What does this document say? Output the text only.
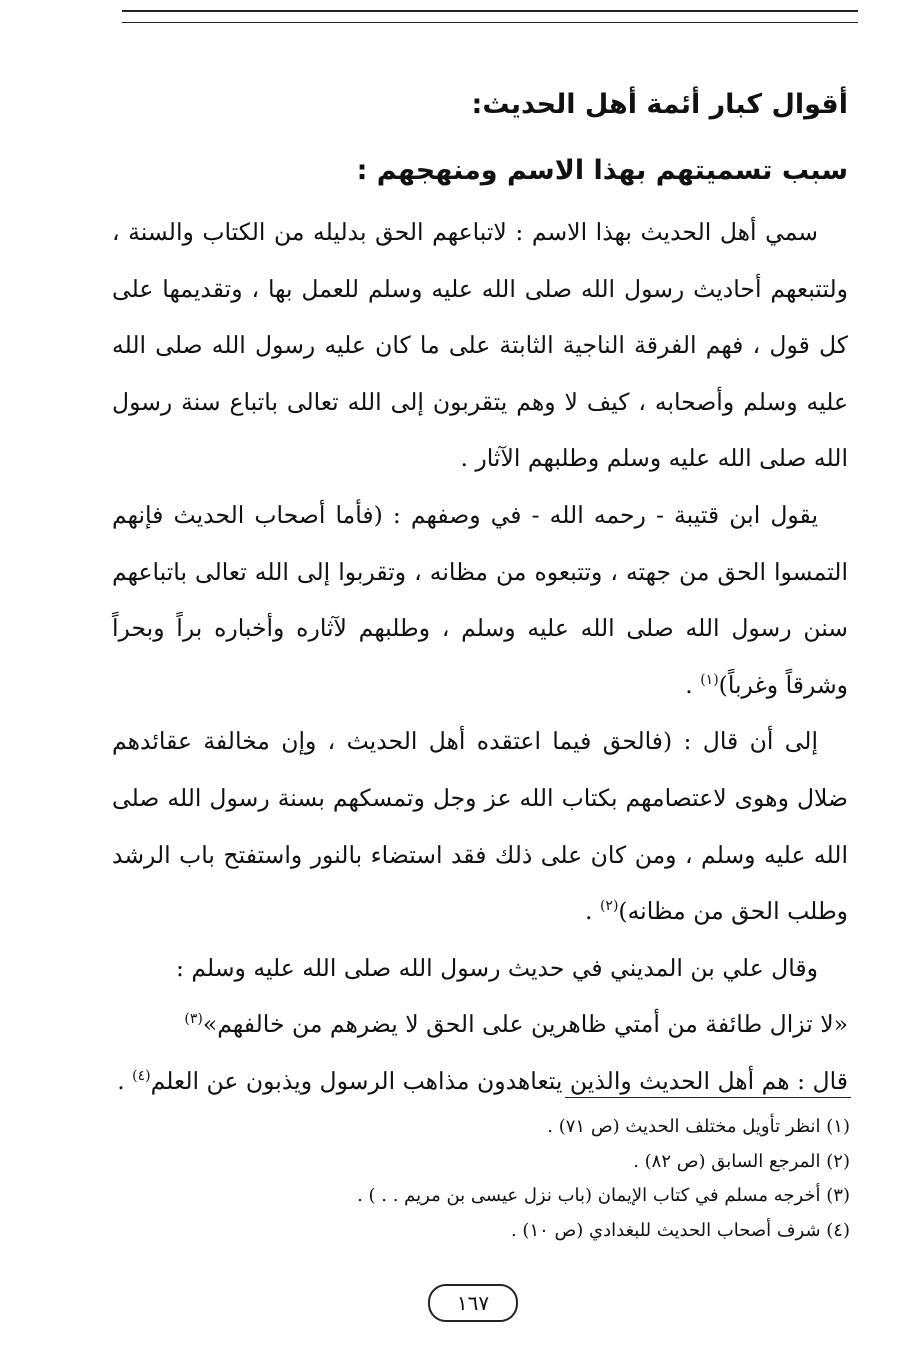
أقوال كبار أئمة أهل الحديث:
سبب تسميتهم بهذا الاسم ومنهجهم :

سمي أهل الحديث بهذا الاسم : لاتباعهم الحق بدليله من الكتاب والسنة ، ولتتبعهم أحاديث رسول الله صلى الله عليه وسلم للعمل بها ، وتقديمها على كل قول ، فهم الفرقة الناجية الثابتة على ما كان عليه رسول الله صلى الله عليه وسلم وأصحابه ، كيف لا وهم يتقربون إلى الله تعالى باتباع سنة رسول الله صلى الله عليه وسلم وطلبهم الآثار .

يقول ابن قتيبة - رحمه الله - في وصفهم : (فأما أصحاب الحديث فإنهم التمسوا الحق من جهته ، وتتبعوه من مظانه ، وتقربوا إلى الله تعالى باتباعهم سنن رسول الله صلى الله عليه وسلم ، وطلبهم لآثاره وأخباره براً وبحراً وشرقاً وغرباً)$^{(١)}$ .

إلى أن قال : (فالحق فيما اعتقده أهل الحديث ، وإن مخالفة عقائدهم ضلال وهوى لاعتصامهم بكتاب الله عز وجل وتمسكهم بسنة رسول الله صلى الله عليه وسلم ، ومن كان على ذلك فقد استضاء بالنور واستفتح باب الرشد وطلب الحق من مظانه)$^{(٢)}$ .

وقال علي بن المديني في حديث رسول الله صلى الله عليه وسلم :

«لا تزال طائفة من أمتي ظاهرين على الحق لا يضرهم من خالفهم»$^{(٣)}$

قال : هم أهل الحديث والذين يتعاهدون مذاهب الرسول ويذبون عن العلم$^{(٤)}$ .

(١) انظر تأويل مختلف الحديث (ص ٧١) .

(٢) المرجع السابق (ص ٨٢) .

(٣) أخرجه مسلم في كتاب الإيمان (باب نزل عيسى بن مريم . . ) .

(٤) شرف أصحاب الحديث للبغدادي (ص ١٠) .

١٦٧
